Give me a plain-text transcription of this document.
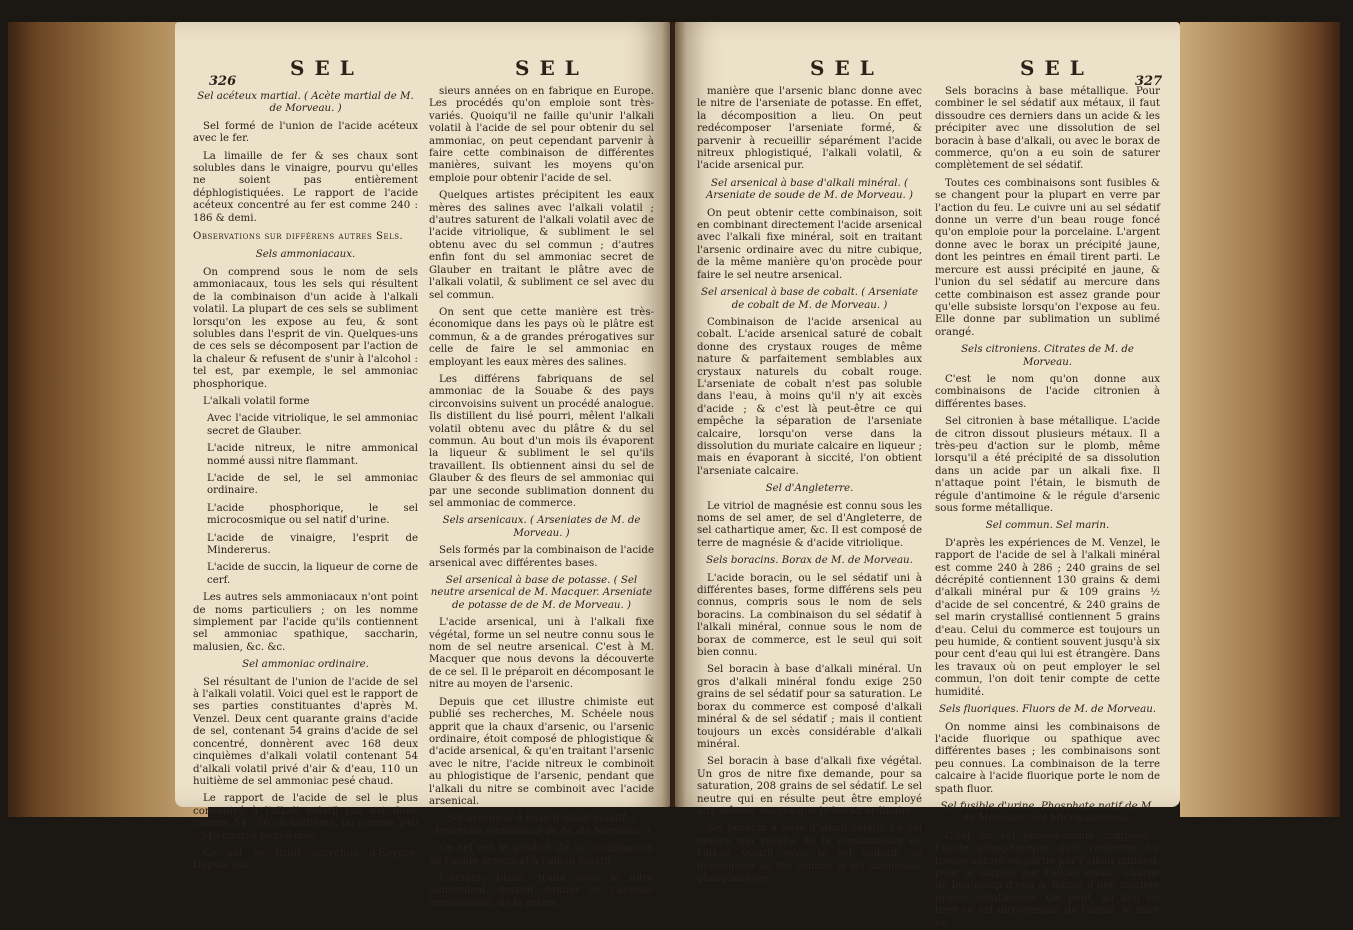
326
SEL	SEL

Sel acéteux martial. ( Acète martial de M. de Morveau. )

Sel formé de l'union de l'acide acéteux avec le fer.

La limaille de fer & ses chaux sont solubles dans le vinaigre, pourvu qu'elles ne soient pas entièrement déphlogistiquées. Le rapport de l'acide acéteux concentré au fer est comme 240 : 186 & demi.

Observations sur différens autres Sels.

Sels ammoniacaux.

On comprend sous le nom de sels ammoniacaux, tous les sels qui résultent de la combinaison d'un acide à l'alkali volatil. La plupart de ces sels se subliment lorsqu'on les expose au feu, & sont solubles dans l'esprit de vin. Quelques-uns de ces sels se décomposent par l'action de la chaleur & refusent de s'unir à l'alcohol : tel est, par exemple, le sel ammoniac phosphorique.

L'alkali volatil forme

Avec l'acide vitriolique, le sel ammoniac secret de Glauber.

L'acide nitreux, le nitre ammonical nommé aussi nitre flammant.

L'acide de sel, le sel ammoniac ordinaire.

L'acide phosphorique, le sel microcosmique ou sel natif d'urine.

L'acide de vinaigre, l'esprit de Mindererus.

L'acide de succin, la liqueur de corne de cerf.

Les autres sels ammoniacaux n'ont point de noms particuliers ; on les nomme simplement par l'acide qu'ils contiennent sel ammoniac spathique, saccharin, malusien, &c. &c.

Sel ammoniac ordinaire.

Sel résultant de l'union de l'acide de sel à l'alkali volatil. Voici quel est le rapport de ses parties constituantes d'après M. Venzel. Deux cent quarante grains d'acide de sel, contenant 54 grains d'acide de sel concentré, donnèrent avec 168 deux cinquièmes d'alkali volatil contenant 54 d'alkali volatil privé d'air & d'eau, 110 un huitième de sel ammoniac pesé chaud.

Le rapport de l'acide de sel le plus concentré à l'alkali volatil pur est donc comme 54 : 56 un huitième, ou comme 240 : 249 quatre neuvièmes.

Ce sel se tiroit autrefois d'Égypte. Depuis plu-

sieurs années on en fabrique en Europe. Les procédés qu'on emploie sont très-variés. Quoiqu'il ne faille qu'unir l'alkali volatil à l'acide de sel pour obtenir du sel ammoniac, on peut cependant parvenir à faire cette combinaison de différentes manières, suivant les moyens qu'on emploie pour obtenir l'acide de sel.

Quelques artistes précipitent les eaux mères des salines avec l'alkali volatil ; d'autres saturent de l'alkali volatil avec de l'acide vitriolique, & subliment le sel obtenu avec du sel commun ; d'autres enfin font du sel ammoniac secret de Glauber en traitant le plâtre avec de l'alkali volatil, & subliment ce sel avec du sel commun.

On sent que cette manière est très-économique dans les pays où le plâtre est commun, & a de grandes prérogatives sur celle de faire le sel ammoniac en employant les eaux mères des salines.

Les différens fabriquans de sel ammoniac de la Souabe & des pays circonvoisins suivent un procédé analogue. Ils distillent du lisé pourri, mêlent l'alkali volatil obtenu avec du plâtre & du sel commun. Au bout d'un mois ils évaporent la liqueur & subliment le sel qu'ils travaillent. Ils obtiennent ainsi du sel de Glauber & des fleurs de sel ammoniac qui par une seconde sublimation donnent du sel ammoniac de commerce.

Sels arsenicaux. ( Arseniates de M. de Morveau. )

Sels formés par la combinaison de l'acide arsenical avec différentes bases.

Sel arsenical à base de potasse. ( Sel neutre arsenical de M. Macquer. Arseniate de potasse de de M. de Morveau. )

L'acide arsenical, uni à l'alkali fixe végétal, forme un sel neutre connu sous le nom de sel neutre arsenical. C'est à M. Macquer que nous devons la découverte de ce sel. Il le préparoit en décomposant le nitre au moyen de l'arsenic.

Depuis que cet illustre chimiste eut publié ses recherches, M. Schéele nous apprit que la chaux d'arsenic, ou l'arsenic ordinaire, étoit composé de phlogistique & d'acide arsenical, & qu'en traitant l'arsenic avec le nitre, l'acide nitreux le combinoit au phlogistique de l'arsenic, pendant que l'alkali du nitre se combinoit avec l'acide arsenical.

Sel arsenical à base d'alkali volatil. ( Arseniate ammonical de M. de Morveau. )

Ce sel est le produit de la combinaison de l'acide arsenical à l'alkali volatil.

L'arsenic blanc, traité avec le nitre ammonical, devroit donner de l'arsenic ammoniacal, de la même

SEL	SEL
327

manière que l'arsenic blanc donne avec le nitre de l'arseniate de potasse. En effet, la décomposition a lieu. On peut redécomposer l'arseniate formé, & parvenir à recueillir séparément l'acide nitreux phlogistiqué, l'alkali volatil, & l'acide arsenical pur.

Sel arsenical à base d'alkali minéral. ( Arseniate de soude de M. de Morveau. )

On peut obtenir cette combinaison, soit en combinant directement l'acide arsenical avec l'alkali fixe minéral, soit en traitant l'arsenic ordinaire avec du nitre cubique, de la même manière qu'on procède pour faire le sel neutre arsenical.

Sel arsenical à base de cobalt. ( Arseniate de cobalt de M. de Morveau. )

Combinaison de l'acide arsenical au cobalt. L'acide arsenical saturé de cobalt donne des crystaux rouges de même nature & parfaitement semblables aux crystaux naturels du cobalt rouge. L'arseniate de cobalt n'est pas soluble dans l'eau, à moins qu'il n'y ait excès d'acide ; & c'est là peut-être ce qui empêche la séparation de l'arseniate calcaire, lorsqu'on verse dans la dissolution du muriate calcaire en liqueur ; mais en évaporant à siccité, l'on obtient l'arseniate calcaire.

Sel d'Angleterre.

Le vitriol de magnésie est connu sous les noms de sel amer, de sel d'Angleterre, de sel cathartique amer, &c. Il est composé de terre de magnésie & d'acide vitriolique.

Sels boracins. Borax de M. de Morveau.

L'acide boracin, ou le sel sédatif uni à différentes bases, forme différens sels peu connus, compris sous le nom de sels boracins. La combinaison du sel sédatif à l'alkali minéral, connue sous le nom de borax de commerce, est le seul qui soit bien connu.

Sel boracin à base d'alkali minéral. Un gros d'alkali minéral fondu exige 250 grains de sel sédatif pour sa saturation. Le borax du commerce est composé d'alkali minéral & de sel sédatif ; mais il contient toujours un excès considérable d'alkali minéral.

Sel boracin à base d'alkali fixe végétal. Un gros de nitre fixe demande, pour sa saturation, 208 grains de sel sédatif. Le sel neutre qui en résulte peut être employé aux mêmes usages que le borax ordinaire.

Sel boracin à base d'alkali volatil. Le sel neutre qui résulte de la combinaison de l'alkali volatil avec le sel sédatif, se décompose au feu comme le sel ammoniac phosphorique.

Sels boracins à base métallique. Pour combiner le sel sédatif aux métaux, il faut dissoudre ces derniers dans un acide & les précipiter avec une dissolution de sel boracin à base d'alkali, ou avec le borax de commerce, qu'on a eu soin de saturer complètement de sel sédatif.

Toutes ces combinaisons sont fusibles & se changent pour la plupart en verre par l'action du feu. Le cuivre uni au sel sédatif donne un verre d'un beau rouge foncé qu'on emploie pour la porcelaine. L'argent donne avec le borax un précipité jaune, dont les peintres en émail tirent parti. Le mercure est aussi précipité en jaune, & l'union du sel sédatif au mercure dans cette combinaison est assez grande pour qu'elle subsiste lorsqu'on l'expose au feu. Elle donne par sublimation un sublimé orangé.

Sels citroniens. Citrates de M. de Morveau.

C'est le nom qu'on donne aux combinaisons de l'acide citronien à différentes bases.

Sel citronien à base métallique. L'acide de citron dissout plusieurs métaux. Il a très-peu d'action sur le plomb, même lorsqu'il a été précipité de sa dissolution dans un acide par un alkali fixe. Il n'attaque point l'étain, le bismuth de régule d'antimoine & le régule d'arsenic sous forme métallique.

Sel commun. Sel marin.

D'après les expériences de M. Venzel, le rapport de l'acide de sel à l'alkali minéral est comme 240 à 286 ; 240 grains de sel décrépité contiennent 130 grains & demi d'alkali minéral pur & 109 grains ½ d'acide de sel concentré, & 240 grains de sel marin crystallisé contiennent 5 grains d'eau. Celui du commerce est toujours un peu humide, & contient souvent jusqu'à six pour cent d'eau qui lui est étrangère. Dans les travaux où on peut employer le sel commun, l'on doit tenir compte de cette humidité.

Sels fluoriques. Fluors de M. de Morveau.

On nomme ainsi les combinaisons de l'acide fluorique ou spathique avec différentes bases ; les combinaisons sont peu connues. La combinaison de la terre calcaire à l'acide fluorique porte le nom de spath fluor.

Sel fusible d'urine. Phosphate natif de M. de Morveau. Sel Microcosmique.

C'est un sel phosphorique composé ; l'acide phosphorique qu'il renferme s'y trouve saturé en partie par l'alkali minéral, pour le surplus par l'alkali volatil, chargé de beaucoup d'eau & même d'une matière grasse gélatineuse. On peut, au lieu de tirer ce sel directement de l'urine, le faire en
